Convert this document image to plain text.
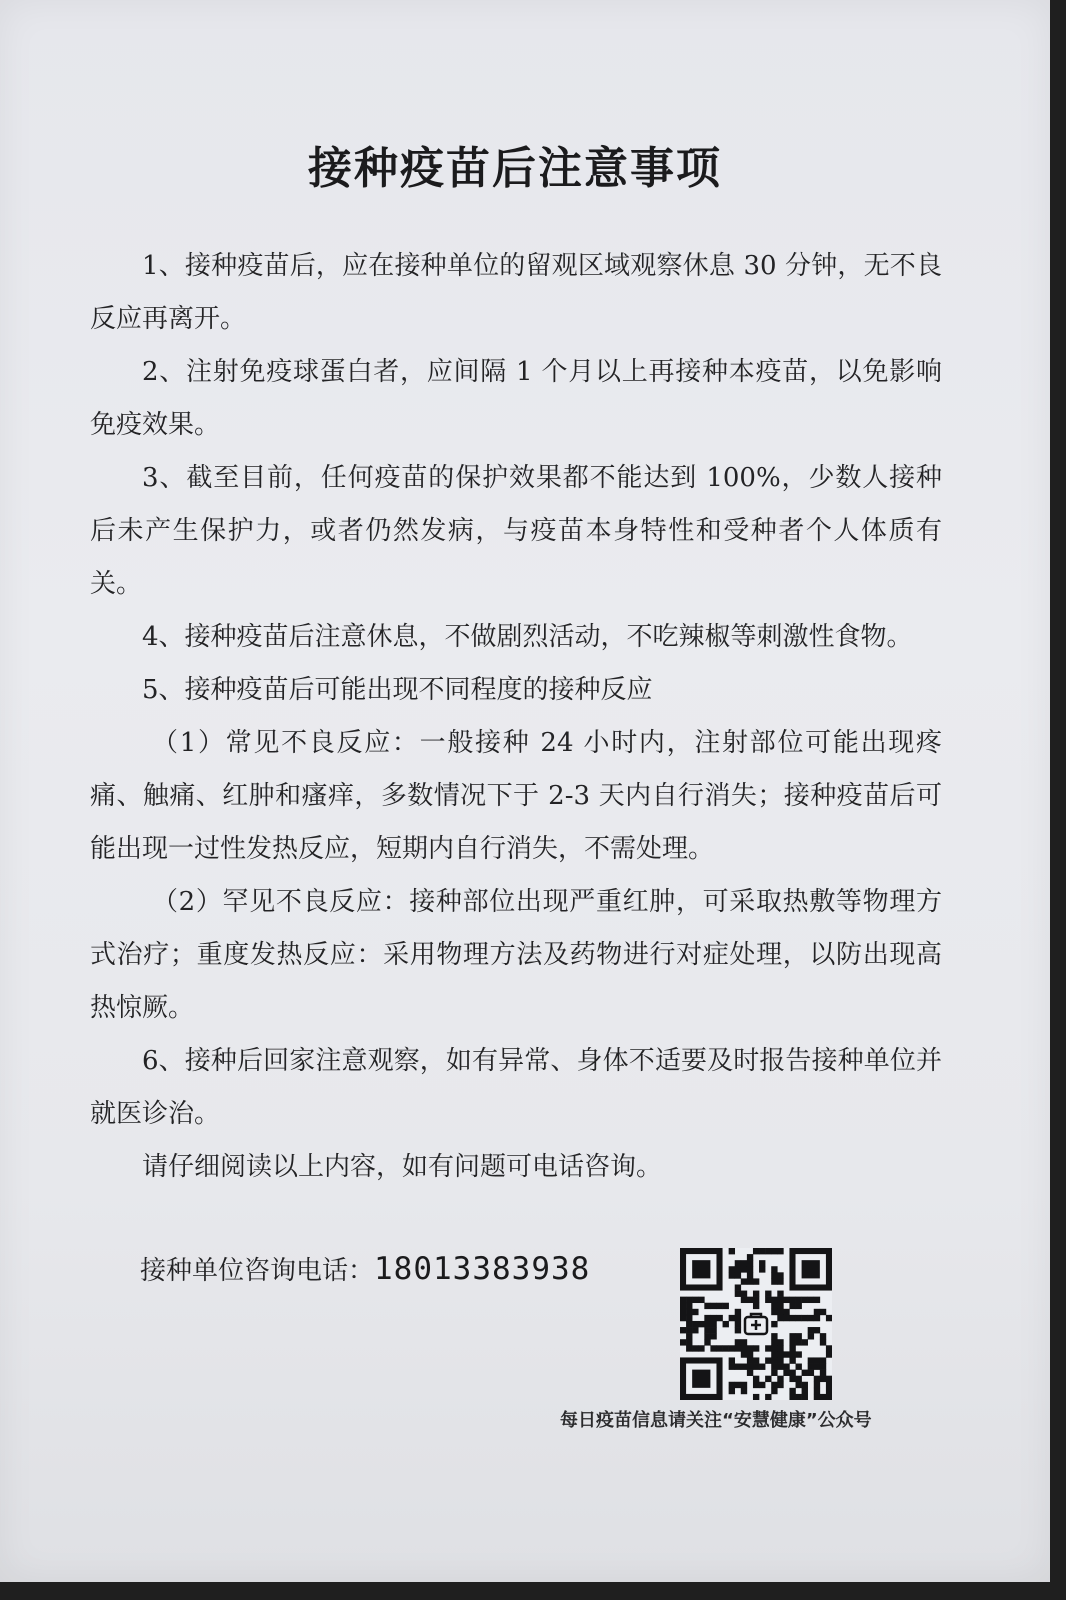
接种疫苗后注意事项

1、接种疫苗后，应在接种单位的留观区域观察休息 30 分钟，无不良反应再离开。

2、注射免疫球蛋白者，应间隔 1 个月以上再接种本疫苗，以免影响免疫效果。

3、截至目前，任何疫苗的保护效果都不能达到 100%，少数人接种后未产生保护力，或者仍然发病，与疫苗本身特性和受种者个人体质有关。

4、接种疫苗后注意休息，不做剧烈活动，不吃辣椒等刺激性食物。

5、接种疫苗后可能出现不同程度的接种反应

（1）常见不良反应：一般接种 24 小时内，注射部位可能出现疼痛、触痛、红肿和瘙痒，多数情况下于 2-3 天内自行消失；接种疫苗后可能出现一过性发热反应，短期内自行消失，不需处理。

（2）罕见不良反应：接种部位出现严重红肿，可采取热敷等物理方式治疗；重度发热反应：采用物理方法及药物进行对症处理，以防出现高热惊厥。

6、接种后回家注意观察，如有异常、身体不适要及时报告接种单位并就医诊治。

请仔细阅读以上内容，如有问题可电话咨询。

接种单位咨询电话：18013383938
每日疫苗信息请关注“安慧健康”公众号
